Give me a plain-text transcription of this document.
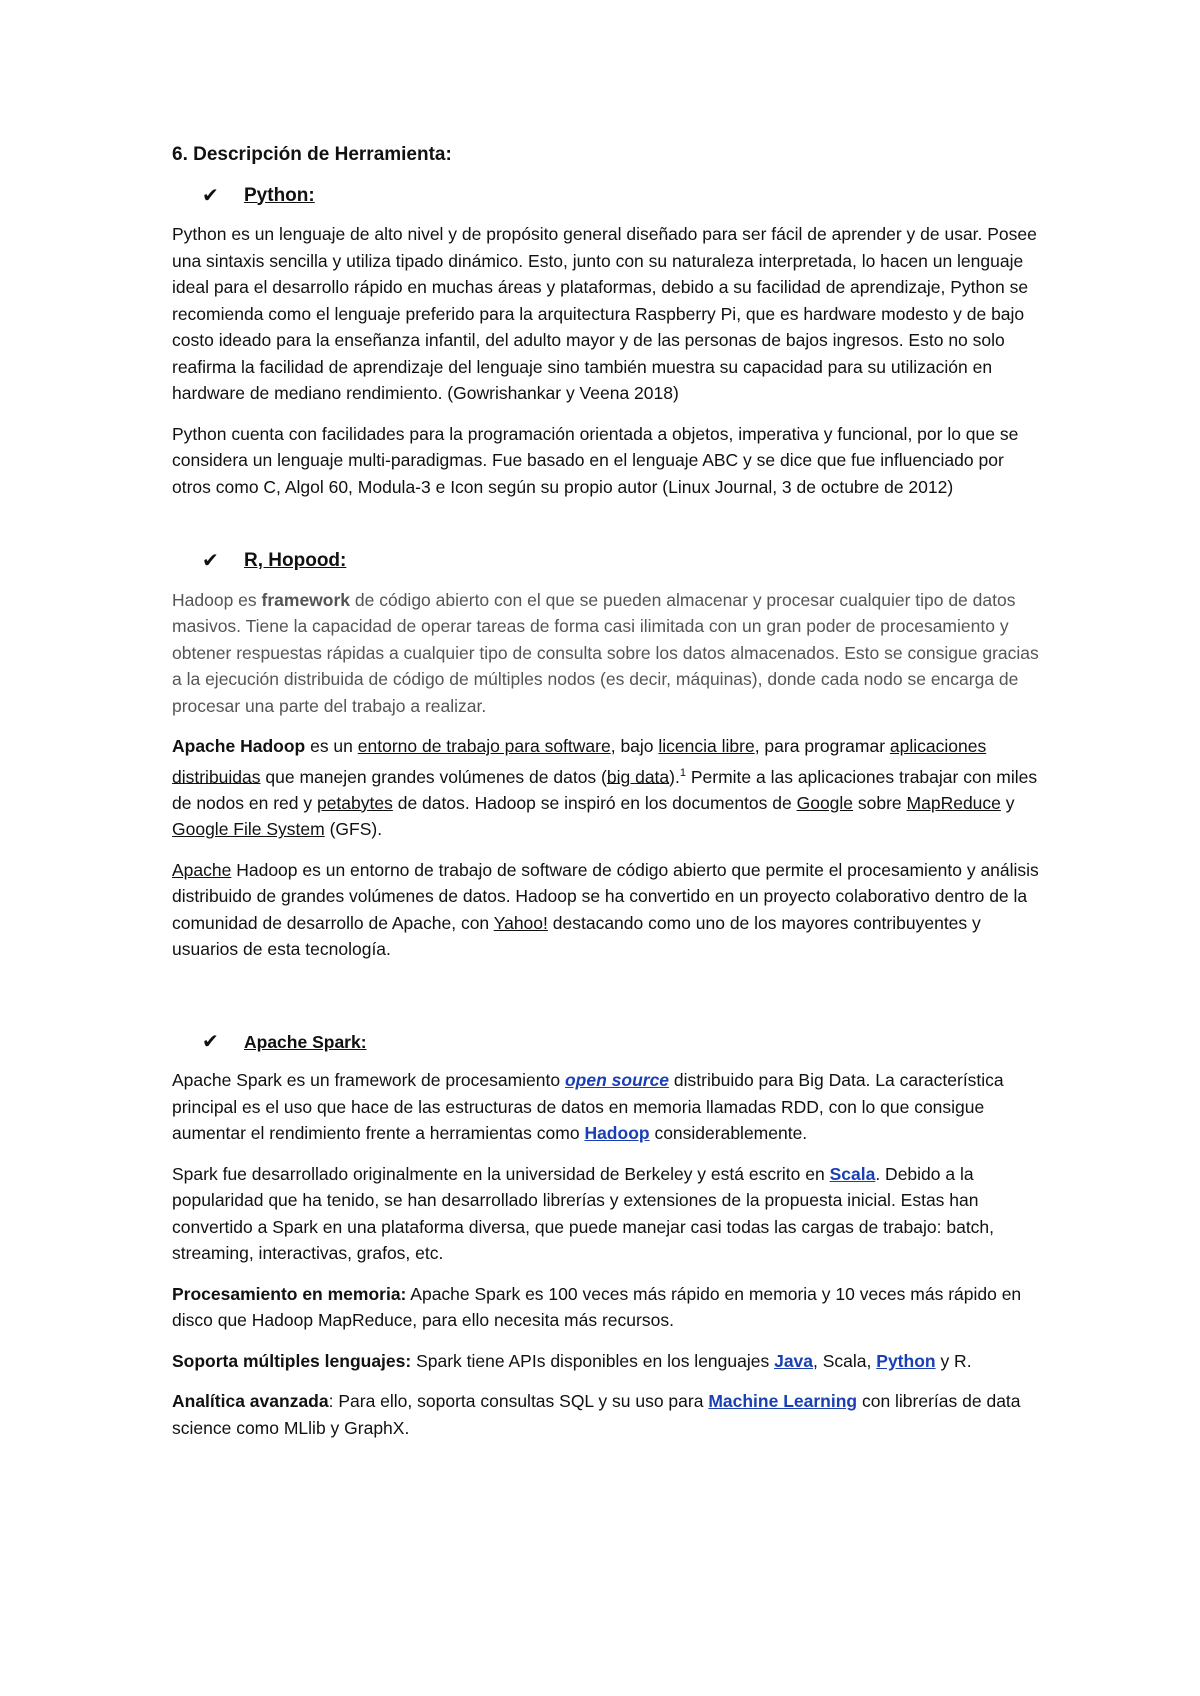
6. Descripción de Herramienta:
✔	Python:

Python es un lenguaje de alto nivel y de propósito general diseñado para ser fácil de aprender y de usar. Posee una sintaxis sencilla y utiliza tipado dinámico. Esto, junto con su naturaleza interpretada, lo hacen un lenguaje ideal para el desarrollo rápido en muchas áreas y plataformas, debido a su facilidad de aprendizaje, Python se recomienda como el lenguaje preferido para la arquitectura Raspberry Pi, que es hardware modesto y de bajo costo ideado para la enseñanza infantil, del adulto mayor y de las personas de bajos ingresos. Esto no solo reafirma la facilidad de aprendizaje del lenguaje sino también muestra su capacidad para su utilización en hardware de mediano rendimiento. (Gowrishankar y Veena 2018)

Python cuenta con facilidades para la programación orientada a objetos, imperativa y funcional, por lo que se considera un lenguaje multi-paradigmas. Fue basado en el lenguaje ABC y se dice que fue influenciado por otros como C, Algol 60, Modula-3 e Icon según su propio autor (Linux Journal, 3 de octubre de 2012)

✔	R, Hopood:

Hadoop es framework de código abierto con el que se pueden almacenar y procesar cualquier tipo de datos masivos. Tiene la capacidad de operar tareas de forma casi ilimitada con un gran poder de procesamiento y obtener respuestas rápidas a cualquier tipo de consulta sobre los datos almacenados. Esto se consigue gracias a la ejecución distribuida de código de múltiples nodos (es decir, máquinas), donde cada nodo se encarga de procesar una parte del trabajo a realizar.

Apache Hadoop es un entorno de trabajo para software, bajo licencia libre, para programar aplicaciones distribuidas que manejen grandes volúmenes de datos (big data).$^1$ Permite a las aplicaciones trabajar con miles de nodos en red y petabytes de datos. Hadoop se inspiró en los documentos de Google sobre MapReduce y Google File System (GFS).

Apache Hadoop es un entorno de trabajo de software de código abierto que permite el procesamiento y análisis distribuido de grandes volúmenes de datos. Hadoop se ha convertido en un proyecto colaborativo dentro de la comunidad de desarrollo de Apache, con Yahoo! destacando como uno de los mayores contribuyentes y usuarios de esta tecnología.

✔	Apache Spark:

Apache Spark es un framework de procesamiento open source distribuido para Big Data. La característica principal es el uso que hace de las estructuras de datos en memoria llamadas RDD, con lo que consigue aumentar el rendimiento frente a herramientas como Hadoop considerablemente.

Spark fue desarrollado originalmente en la universidad de Berkeley y está escrito en Scala. Debido a la popularidad que ha tenido, se han desarrollado librerías y extensiones de la propuesta inicial. Estas han convertido a Spark en una plataforma diversa, que puede manejar casi todas las cargas de trabajo: batch, streaming, interactivas, grafos, etc.

Procesamiento en memoria: Apache Spark es 100 veces más rápido en memoria y 10 veces más rápido en disco que Hadoop MapReduce, para ello necesita más recursos.

Soporta múltiples lenguajes: Spark tiene APIs disponibles en los lenguajes Java, Scala, Python y R.

Analítica avanzada: Para ello, soporta consultas SQL y su uso para Machine Learning con librerías de data science como MLlib y GraphX.
